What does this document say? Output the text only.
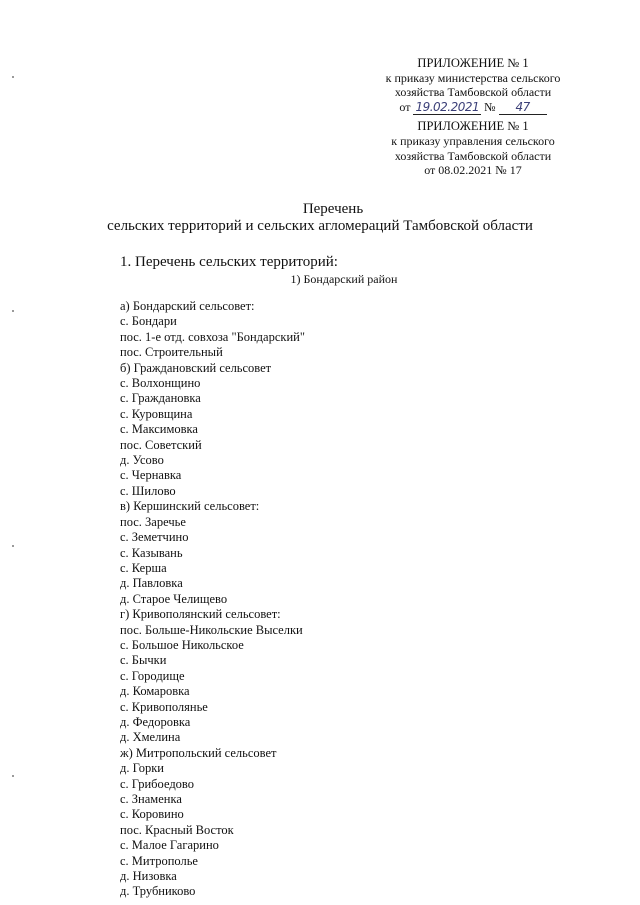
ПРИЛОЖЕНИЕ № 1
к приказу министерства сельского
хозяйства Тамбовской области
от 19.02.2021 № 47
ПРИЛОЖЕНИЕ № 1
к приказу управления сельского
хозяйства Тамбовской области
от 08.02.2021 № 17
Перечень
сельских территорий и сельских агломераций Тамбовской области
1. Перечень сельских территорий:
1) Бондарский район
а) Бондарский сельсовет:
с. Бондари
пос. 1-е отд. совхоза "Бондарский"
пос. Строительный
б) Граждановский сельсовет
с. Волхонщино
с. Граждановка
с. Куровщина
с. Максимовка
пос. Советский
д. Усово
с. Чернавка
с. Шилово
в) Кершинский сельсовет:
пос. Заречье
с. Земетчино
с. Казывань
с. Керша
д. Павловка
д. Старое Челищево
г) Кривополянский сельсовет:
пос. Больше-Никольские Выселки
с. Большое Никольское
с. Бычки
с. Городище
д. Комаровка
с. Кривополянье
д. Федоровка
д. Хмелина
ж) Митропольский сельсовет
д. Горки
с. Грибоедово
с. Знаменка
с. Коровино
пос. Красный Восток
с. Малое Гагарино
с. Митрополье
д. Низовка
д. Трубниково
